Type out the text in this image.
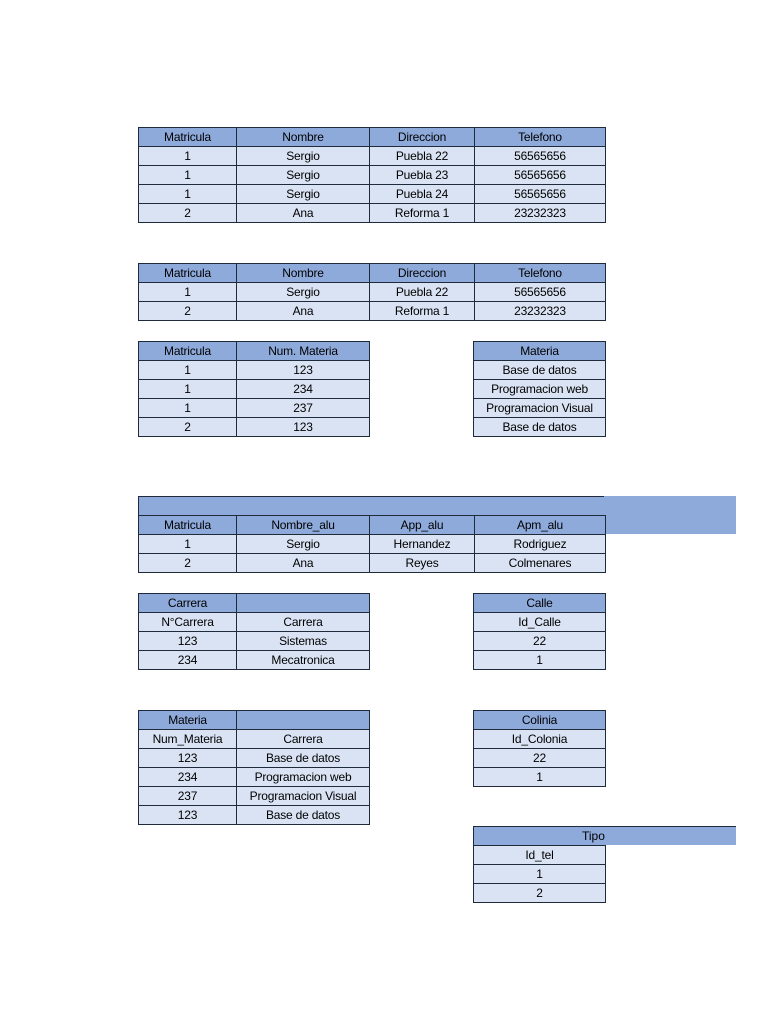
Matricula	Nombre	Direccion	Telefono
1	Sergio	Puebla 22	56565656
1	Sergio	Puebla 23	56565656
1	Sergio	Puebla 24	56565656
2	Ana	Reforma 1	23232323
Matricula	Nombre	Direccion	Telefono
1	Sergio	Puebla 22	56565656
2	Ana	Reforma 1	23232323
Matricula	Num. Materia
1	123
1	234
1	237
2	123
Materia
Base de datos
Programacion web
Programacion Visual
Base de datos
Matricula	Nombre_alu	App_alu	Apm_alu
1	Sergio	Hernandez	Rodriguez
2	Ana	Reyes	Colmenares
Carrera	
N°Carrera	Carrera
123	Sistemas
234	Mecatronica
Calle
Id_Calle
22
1
Materia	
Num_Materia	Carrera
123	Base de datos
234	Programacion web
237	Programacion Visual
123	Base de datos
Colinia
Id_Colonia
22
1
Tipo
Id_tel
1
2
